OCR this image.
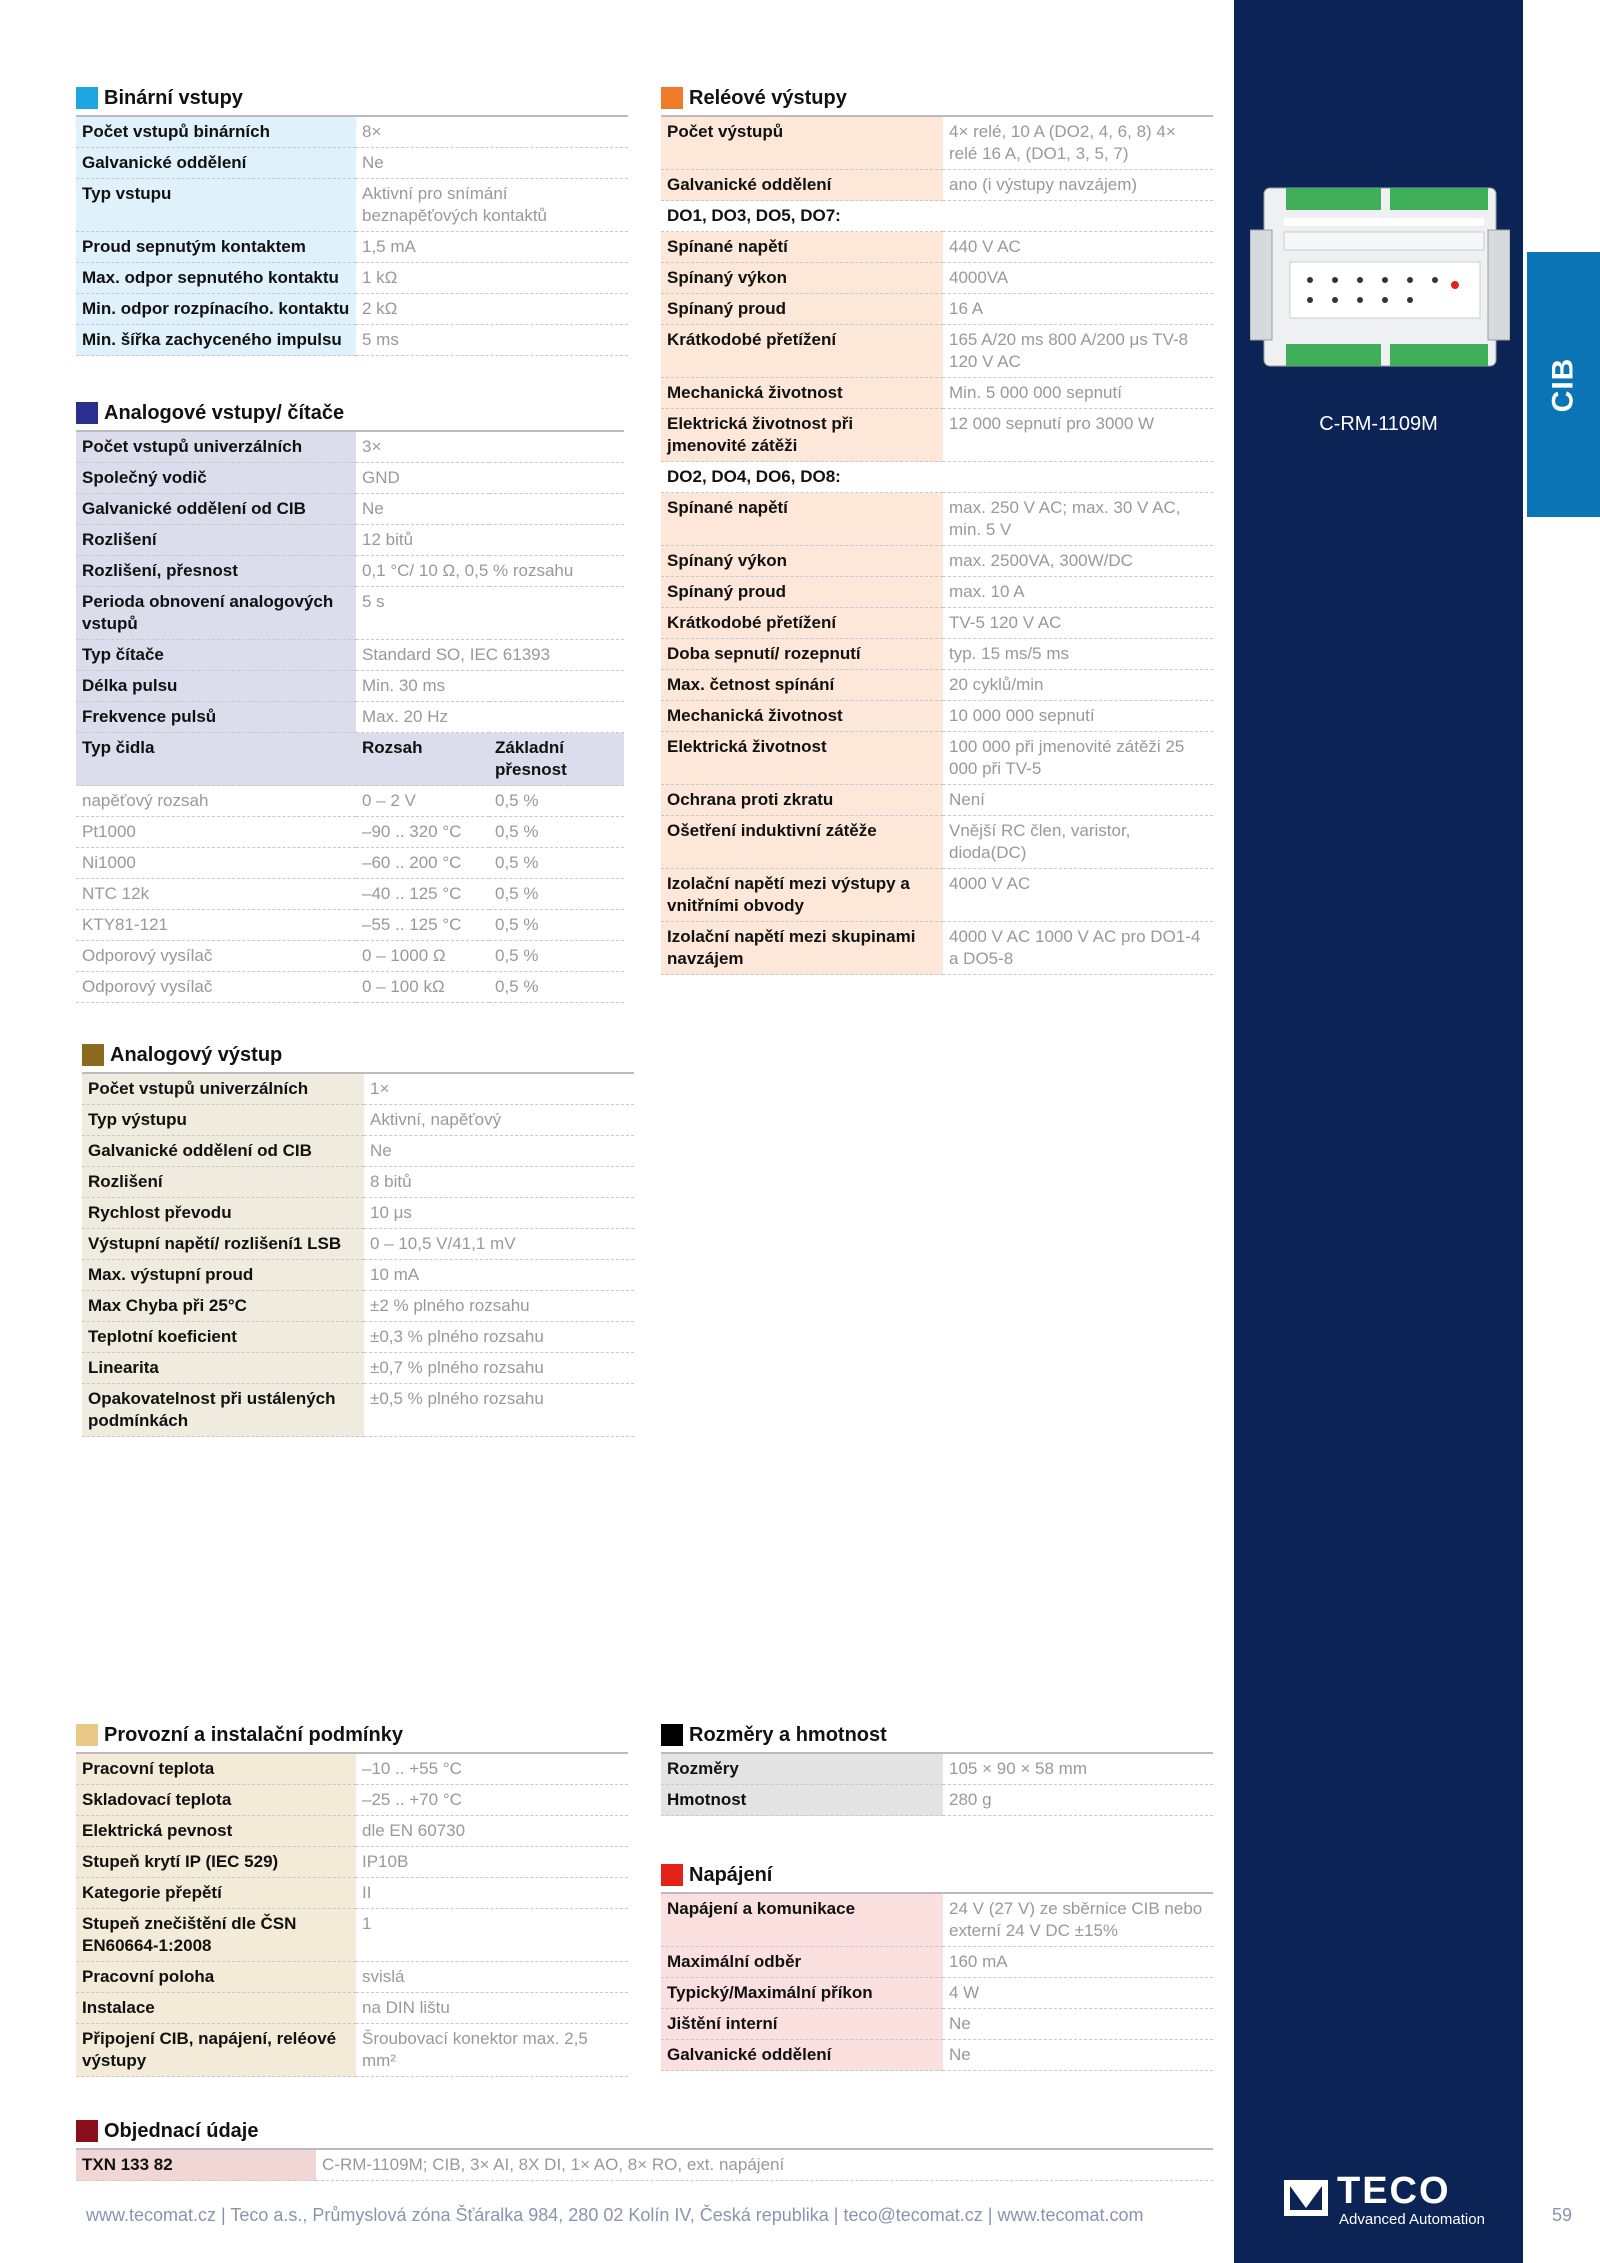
CIB
C-RM-1109M
Binární vstupy
Počet vstupů binárních	8×
Galvanické oddělení	Ne
Typ vstupu	Aktivní pro snímání beznapěťových kontaktů
Proud sepnutým kontaktem	1,5 mA
Max. odpor sepnutého kontaktu	1 kΩ
Min. odpor rozpínacího. kontaktu	2 kΩ
Min. šířka zachyceného impulsu	5 ms
Analogové vstupy/ čítače
Počet vstupů univerzálních	3×	
Společný vodič	GND	
Galvanické oddělení od CIB	Ne	
Rozlišení	12 bitů	
Rozlišení, přesnost	0,1 °C/ 10 Ω, 0,5 % rozsahu	
Perioda obnovení analogových vstupů	5 s	
Typ čítače	Standard SO, IEC 61393	
Délka pulsu	Min. 30 ms	
Frekvence pulsů	Max. 20 Hz	
Typ čidla	Rozsah	Základní přesnost
napěťový rozsah	0 – 2 V	0,5 %
Pt1000	–90 .. 320 °C	0,5 %
Ni1000	–60 .. 200 °C	0,5 %
NTC 12k	–40 .. 125 °C	0,5 %
KTY81-121	–55 .. 125 °C	0,5 %
Odporový vysílač	0 – 1000 Ω	0,5 %
Odporový vysílač	0 – 100 kΩ	0,5 %
Analogový výstup
Počet vstupů univerzálních	1×
Typ výstupu	Aktivní, napěťový
Galvanické oddělení od CIB	Ne
Rozlišení	8 bitů
Rychlost převodu	10 μs
Výstupní napětí/ rozlišení1 LSB	0 – 10,5 V/41,1 mV
Max. výstupní proud	10 mA
Max Chyba při 25°C	±2 % plného rozsahu
Teplotní koeficient	±0,3 % plného rozsahu
Linearita	±0,7 % plného rozsahu
Opakovatelnost při ustálených podmínkách	±0,5 % plného rozsahu
Reléové výstupy
Počet výstupů	4× relé, 10 A (DO2, 4, 6, 8) 4× relé 16 A, (DO1, 3, 5, 7)
Galvanické oddělení	ano (i výstupy navzájem)
DO1, DO3, DO5, DO7:	
Spínané napětí	440 V AC
Spínaný výkon	4000VA
Spínaný proud	16 A
Krátkodobé přetížení	165 A/20 ms 800 A/200 μs TV-8 120 V AC
Mechanická životnost	Min. 5 000 000 sepnutí
Elektrická životnost při jmenovité zátěži	12 000 sepnutí pro 3000 W
DO2, DO4, DO6, DO8:	
Spínané napětí	max. 250 V AC; max. 30 V AC, min. 5 V
Spínaný výkon	max. 2500VA, 300W/DC
Spínaný proud	max. 10 A
Krátkodobé přetížení	TV-5 120 V AC
Doba sepnutí/ rozepnutí	typ. 15 ms/5 ms
Max. četnost spínání	20 cyklů/min
Mechanická životnost	10 000 000 sepnutí
Elektrická životnost	100 000 při jmenovité zátěži 25 000 při TV-5
Ochrana proti zkratu	Není
Ošetření induktivní zátěže	Vnější RC člen, varistor, dioda(DC)
Izolační napětí mezi výstupy a vnitřními obvody	4000 V AC
Izolační napětí mezi skupinami navzájem	4000 V AC 1000 V AC pro DO1-4 a DO5-8
Provozní a instalační podmínky
Pracovní teplota	–10 .. +55 °C
Skladovací teplota	–25 .. +70 °C
Elektrická pevnost	dle EN 60730
Stupeň krytí IP (IEC 529)	IP10B
Kategorie přepětí	II
Stupeň znečištění dle ČSN EN60664-1:2008	1
Pracovní poloha	svislá
Instalace	na DIN lištu
Připojení CIB, napájení, reléové výstupy	Šroubovací konektor max. 2,5 mm²
Rozměry a hmotnost
Rozměry	105 × 90 × 58 mm
Hmotnost	280 g
Napájení
Napájení a komunikace	24 V (27 V) ze sběrnice CIB nebo externí 24 V DC ±15%
Maximální odběr	160 mA
Typický/Maximální příkon	4 W
Jištění interní	Ne
Galvanické oddělení	Ne
Objednací údaje
TXN 133 82	C-RM-1109M; CIB, 3× AI, 8X DI, 1× AO, 8× RO, ext. napájení
www.tecomat.cz | Teco a.s., Průmyslová zóna Šťáralka 984, 280 02 Kolín IV, Česká republika | teco@tecomat.cz | www.tecomat.com
TECO
Advanced Automation	59
